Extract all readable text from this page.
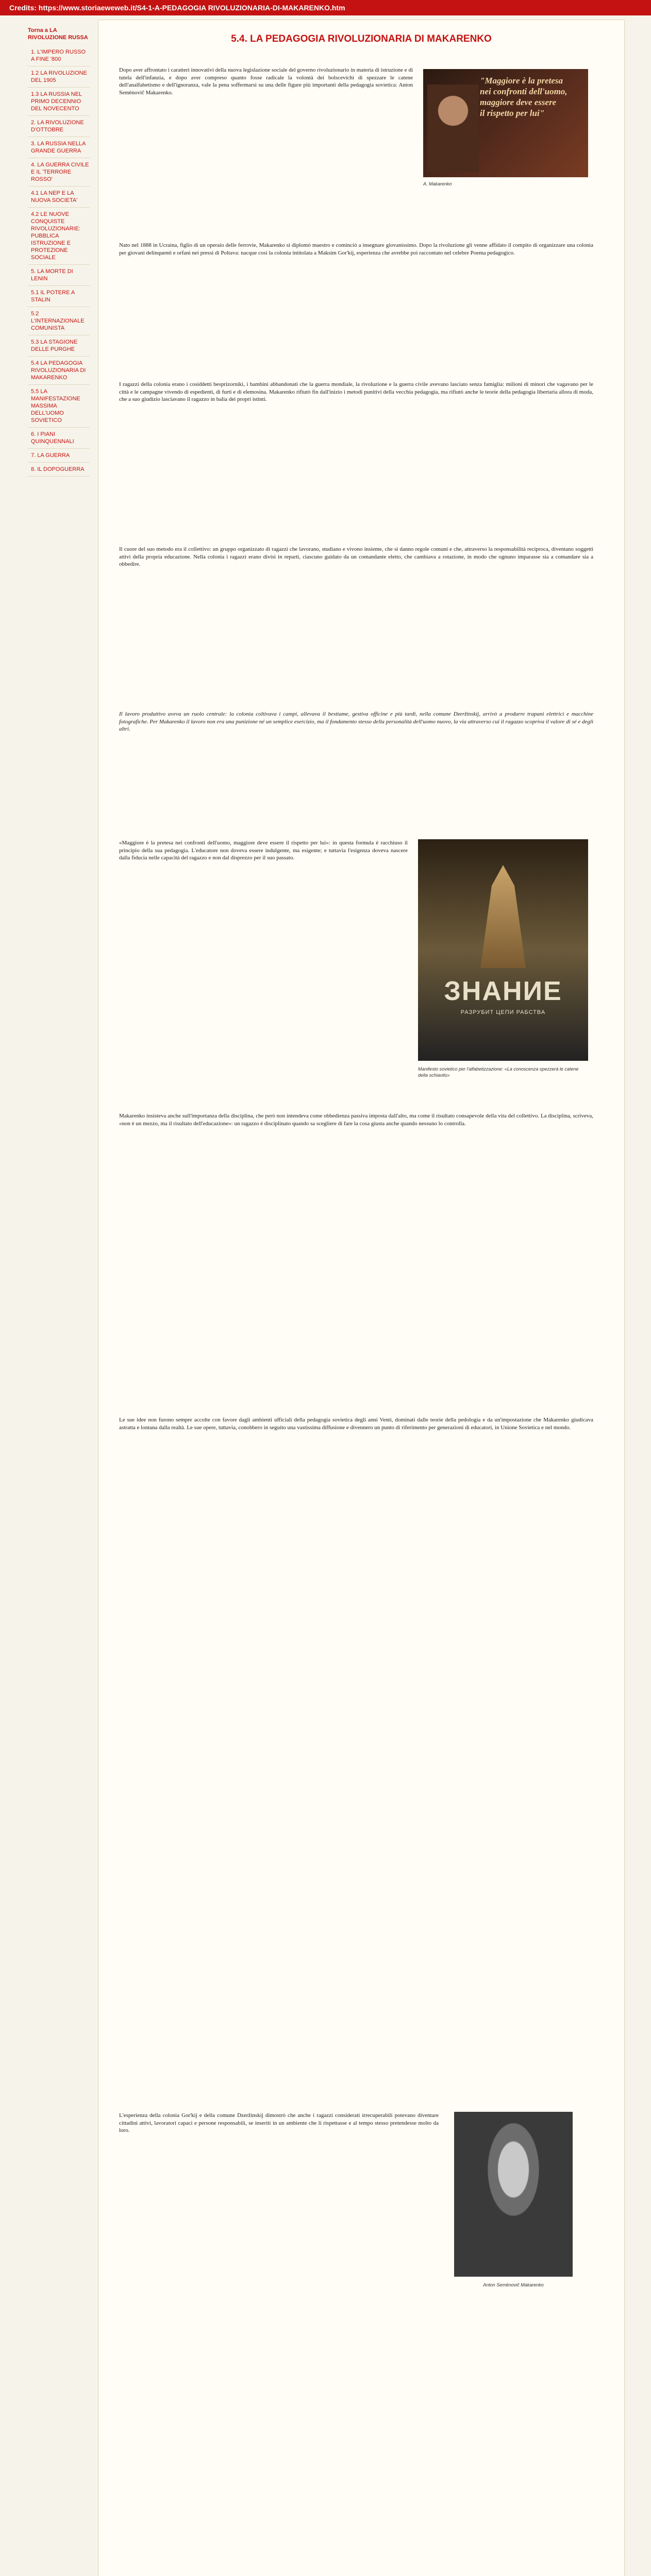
Credits: https://www.storiaeweweb.it/S4-1-A-PEDAGOGIA RIVOLUZIONARIA-DI-MAKARENKO.htm
Torna a LA RIVOLUZIONE RUSSA
1. L'IMPERO RUSSO A FINE '800
1.2 LA RIVOLUZIONE DEL 1905
1.3 LA RUSSIA NEL PRIMO DECENNIO DEL NOVECENTO
2. LA RIVOLUZIONE D'OTTOBRE
3. LA RUSSIA NELLA GRANDE GUERRA
4. LA GUERRA CIVILE E IL 'TERRORE ROSSO'
4.1 LA NEP E LA NUOVA SOCIETA'
4.2 LE NUOVE CONQUISTE RIVOLUZIONARIE: PUBBLICA ISTRUZIONE E PROTEZIONE SOCIALE
5. LA MORTE DI LENIN
5.1 IL POTERE A STALIN
5.2 L'INTERNAZIONALE COMUNISTA
5.3 LA STAGIONE DELLE PURGHE
5.4 LA PEDAGOGIA RIVOLUZIONARIA DI MAKARENKO
5.5 LA MANIFESTAZIONE MASSIMA DELL'UOMO SOVIETICO
6. I PIANI QUINQUENNALI
7. LA GUERRA
8. IL DOPOGUERRA
5.4. LA PEDAGOGIA RIVOLUZIONARIA DI MAKARENKO
"Maggiore è la pretesa
nei confronti dell'uomo,
maggiore deve essere
il rispetto per lui"
A. Makarenko
Dopo aver affrontato i caratteri innovativi della nuova legislazione sociale del governo rivoluzionario in materia di istruzione e di tutela dell'infanzia, e dopo aver compreso quanto fosse radicale la volontà dei bolscevichi di spezzare le catene dell'analfabetismo e dell'ignoranza, vale la pena soffermarsi su una delle figure più importanti della pedagogia sovietica: Anton Semënovič Makarenko.
Nato nel 1888 in Ucraina, figlio di un operaio delle ferrovie, Makarenko si diplomò maestro e cominciò a insegnare giovanissimo. Dopo la rivoluzione gli venne affidato il compito di organizzare una colonia per giovani delinquenti e orfani nei pressi di Poltava: nacque così la colonia intitolata a Maksim Gor'kij, esperienza che avrebbe poi raccontato nel celebre Poema pedagogico.
I ragazzi della colonia erano i cosiddetti besprizorniki, i bambini abbandonati che la guerra mondiale, la rivoluzione e la guerra civile avevano lasciato senza famiglia: milioni di minori che vagavano per le città e le campagne vivendo di espedienti, di furti e di elemosina. Makarenko rifiutò fin dall'inizio i metodi punitivi della vecchia pedagogia, ma rifiutò anche le teorie della pedagogia libertaria allora di moda, che a suo giudizio lasciavano il ragazzo in balìa dei propri istinti.
Il cuore del suo metodo era il collettivo: un gruppo organizzato di ragazzi che lavorano, studiano e vivono insieme, che si danno regole comuni e che, attraverso la responsabilità reciproca, diventano soggetti attivi della propria educazione. Nella colonia i ragazzi erano divisi in reparti, ciascuno guidato da un comandante eletto, che cambiava a rotazione, in modo che ognuno imparasse sia a comandare sia a obbedire.
Il lavoro produttivo aveva un ruolo centrale: la colonia coltivava i campi, allevava il bestiame, gestiva officine e più tardi, nella comune Dzeržinskij, arrivò a produrre trapani elettrici e macchine fotografiche. Per Makarenko il lavoro non era una punizione né un semplice esercizio, ma il fondamento stesso della personalità dell'uomo nuovo, la via attraverso cui il ragazzo scopriva il valore di sé e degli altri.
ЗНАНИЕ
РАЗРУБИТ ЦЕПИ РАБСТВА
Manifesto sovietico per l'alfabetizzazione: «La conoscenza spezzerà le catene della schiavitù»
«Maggiore è la pretesa nei confronti dell'uomo, maggiore deve essere il rispetto per lui»: in questa formula è racchiuso il principio della sua pedagogia. L'educatore non doveva essere indulgente, ma esigente; e tuttavia l'esigenza doveva nascere dalla fiducia nelle capacità del ragazzo e non dal disprezzo per il suo passato.
Makarenko insisteva anche sull'importanza della disciplina, che però non intendeva come obbedienza passiva imposta dall'alto, ma come il risultato consapevole della vita del collettivo. La disciplina, scriveva, «non è un mezzo, ma il risultato dell'educazione»: un ragazzo è disciplinato quando sa scegliere di fare la cosa giusta anche quando nessuno lo controlla.
Le sue idee non furono sempre accolte con favore dagli ambienti ufficiali della pedagogia sovietica degli anni Venti, dominati dalle teorie della pedologia e da un'impostazione che Makarenko giudicava astratta e lontana dalla realtà. Le sue opere, tuttavia, conobbero in seguito una vastissima diffusione e divennero un punto di riferimento per generazioni di educatori, in Unione Sovietica e nel mondo.
Anton Semënovič Makarenko
L'esperienza della colonia Gor'kij e della comune Dzeržinskij dimostrò che anche i ragazzi considerati irrecuperabili potevano diventare cittadini attivi, lavoratori capaci e persone responsabili, se inseriti in un ambiente che li rispettasse e al tempo stesso pretendesse molto da loro.
